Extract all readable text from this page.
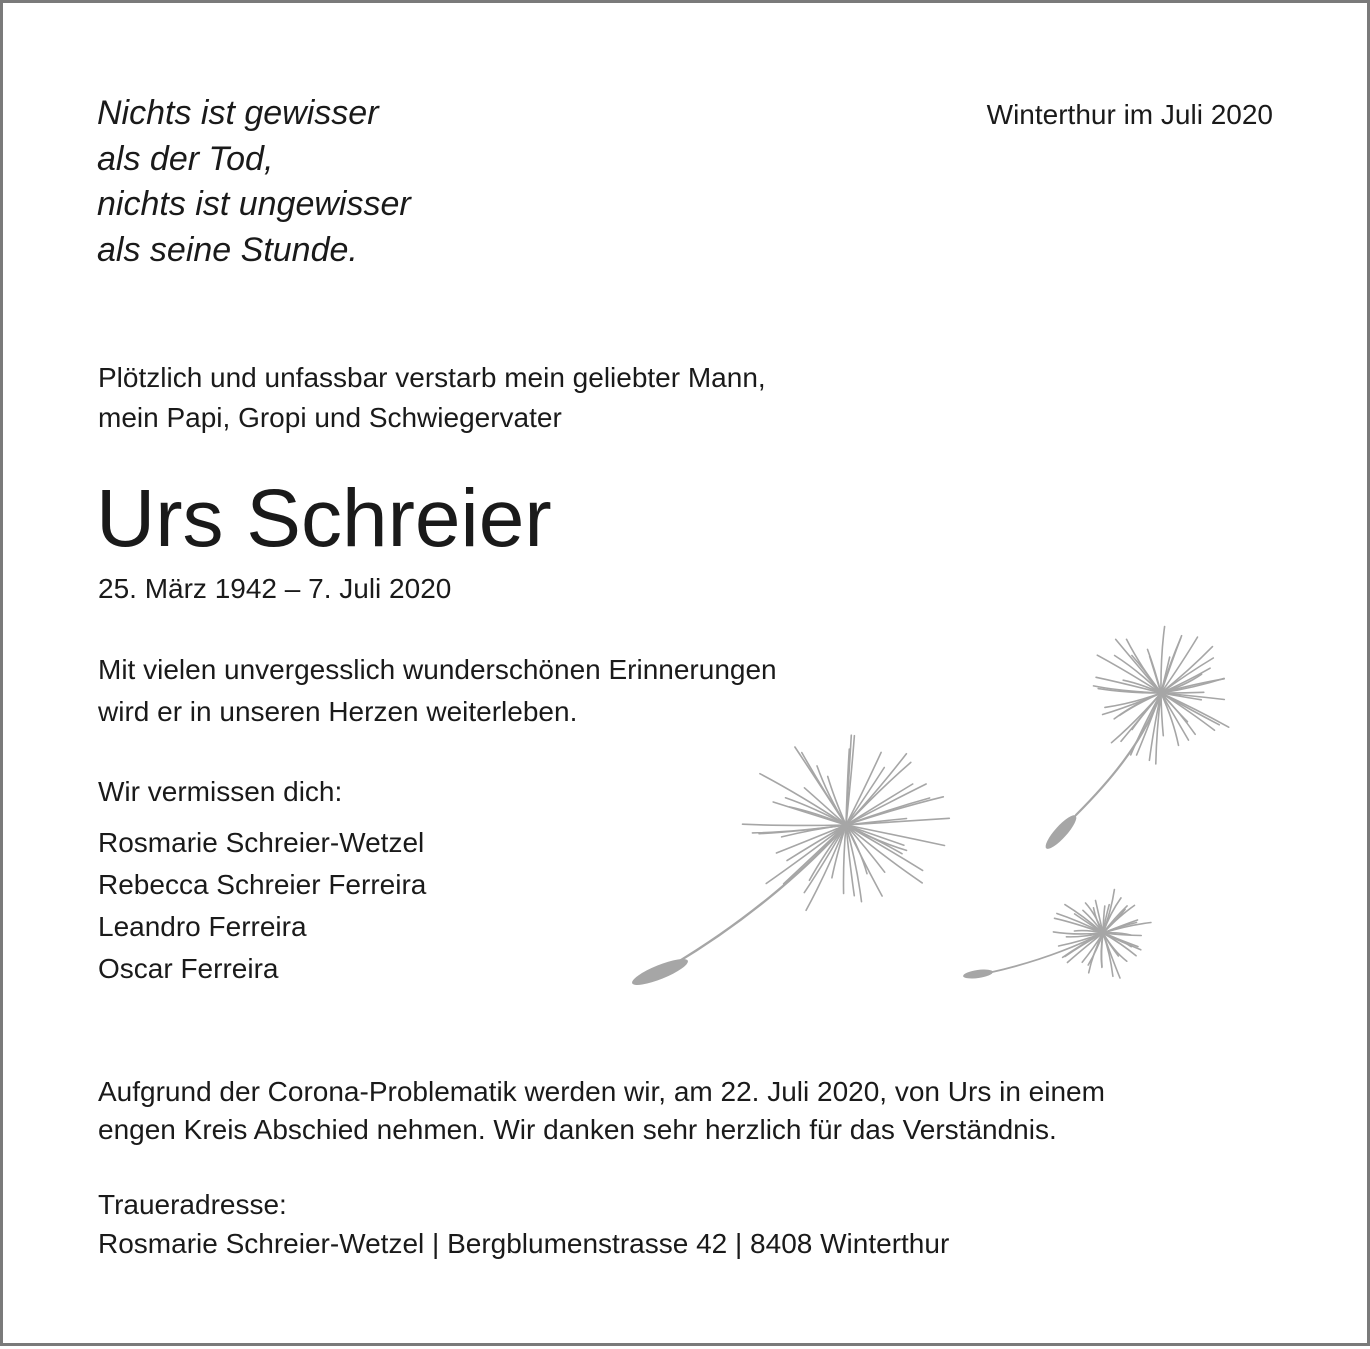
Nichts ist gewisser
als der Tod,
nichts ist ungewisser
als seine Stunde.

Winterthur im Juli 2020

Plötzlich und unfassbar verstarb mein geliebter Mann,
mein Papi, Gropi und Schwiegervater

Urs Schreier

25. März 1942 – 7. Juli 2020

Mit vielen unvergesslich wunderschönen Erinnerungen
wird er in unseren Herzen weiterleben.

Wir vermissen dich:

Rosmarie Schreier-Wetzel
Rebecca Schreier Ferreira
Leandro Ferreira
Oscar Ferreira

Aufgrund der Corona-Problematik werden wir, am 22. Juli 2020, von Urs in einem
engen Kreis Abschied nehmen. Wir danken sehr herzlich für das Verständnis.

Traueradresse:

Rosmarie Schreier-Wetzel | Bergblumenstrasse 42 | 8408 Winterthur
